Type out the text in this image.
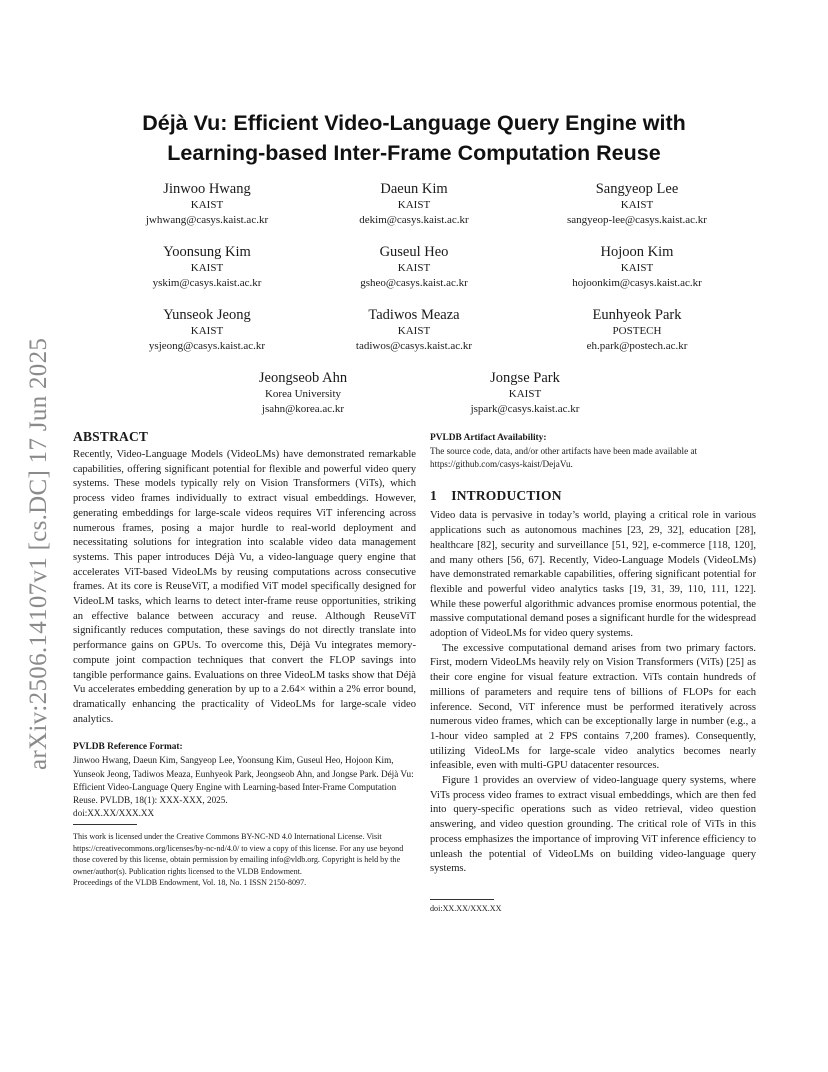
arXiv:2506.14107v1 [cs.DC] 17 Jun 2025
Déjà Vu: Efficient Video-Language Query Engine with
Learning-based Inter-Frame Computation Reuse
Jinwoo Hwang
KAIST
jwhwang@casys.kaist.ac.kr
Daeun Kim
KAIST
dekim@casys.kaist.ac.kr
Sangyeop Lee
KAIST
sangyeop-lee@casys.kaist.ac.kr
Yoonsung Kim
KAIST
yskim@casys.kaist.ac.kr
Guseul Heo
KAIST
gsheo@casys.kaist.ac.kr
Hojoon Kim
KAIST
hojoonkim@casys.kaist.ac.kr
Yunseok Jeong
KAIST
ysjeong@casys.kaist.ac.kr
Tadiwos Meaza
KAIST
tadiwos@casys.kaist.ac.kr
Eunhyeok Park
POSTECH
eh.park@postech.ac.kr
Jeongseob Ahn
Korea University
jsahn@korea.ac.kr
Jongse Park
KAIST
jspark@casys.kaist.ac.kr
ABSTRACT

Recently, Video-Language Models (VideoLMs) have demonstrated remarkable capabilities, offering significant potential for flexible and powerful video query systems. These models typically rely on Vision Transformers (ViTs), which process video frames individually to extract visual embeddings. However, generating embeddings for large-scale videos requires ViT inferencing across numerous frames, posing a major hurdle to real-world deployment and necessitating solutions for integration into scalable video data management systems. This paper introduces Déjà Vu, a video-language query engine that accelerates ViT-based VideoLMs by reusing computations across consecutive frames. At its core is ReuseViT, a modified ViT model specifically designed for VideoLM tasks, which learns to detect inter-frame reuse opportunities, striking an effective balance between accuracy and reuse. Although ReuseViT significantly reduces computation, these savings do not directly translate into performance gains on GPUs. To overcome this, Déjà Vu integrates memory-compute joint compaction techniques that convert the FLOP savings into tangible performance gains. Evaluations on three VideoLM tasks show that Déjà Vu accelerates embedding generation by up to a 2.64× within a 2% error bound, dramatically enhancing the practicality of VideoLMs for large-scale video analytics.

PVLDB Reference Format:

Jinwoo Hwang, Daeun Kim, Sangyeop Lee, Yoonsung Kim, Guseul Heo, Hojoon Kim, Yunseok Jeong, Tadiwos Meaza, Eunhyeok Park, Jeongseob Ahn, and Jongse Park. Déjà Vu: Efficient Video-Language Query Engine with Learning-based Inter-Frame Computation Reuse. PVLDB, 18(1): XXX-XXX, 2025.

doi:XX.XX/XXX.XX

This work is licensed under the Creative Commons BY-NC-ND 4.0 International License. Visit https://creativecommons.org/licenses/by-nc-nd/4.0/ to view a copy of this license. For any use beyond those covered by this license, obtain permission by emailing info@vldb.org. Copyright is held by the owner/author(s). Publication rights licensed to the VLDB Endowment.

Proceedings of the VLDB Endowment, Vol. 18, No. 1 ISSN 2150-8097.

PVLDB Artifact Availability:

The source code, data, and/or other artifacts have been made available at https://github.com/casys-kaist/DejaVu.

1    INTRODUCTION

Video data is pervasive in today’s world, playing a critical role in various applications such as autonomous machines [23, 29, 32], education [28], healthcare [82], security and surveillance [51, 92], e-commerce [118, 120], and many others [56, 67]. Recently, Video-Language Models (VideoLMs) have demonstrated remarkable capabilities, offering significant potential for flexible and powerful video analytics tasks [19, 31, 39, 110, 111, 122]. While these powerful algorithmic advances promise enormous potential, the massive computational demand poses a significant hurdle for the widespread adoption of VideoLMs for video query systems.

The excessive computational demand arises from two primary factors. First, modern VideoLMs heavily rely on Vision Transformers (ViTs) [25] as their core engine for visual feature extraction. ViTs contain hundreds of millions of parameters and require tens of billions of FLOPs for each inference. Second, ViT inference must be performed iteratively across numerous video frames, which can be exceptionally large in number (e.g., a 1-hour video sampled at 2 FPS contains 7,200 frames). Consequently, utilizing VideoLMs for large-scale video analytics becomes nearly infeasible, even with multi-GPU datacenter resources.

Figure 1 provides an overview of video-language query systems, where ViTs process video frames to extract visual embeddings, which are then fed into query-specific operations such as video retrieval, video question answering, and video question grounding. The critical role of ViTs in this process emphasizes the importance of improving ViT inference efficiency to unleash the potential of VideoLMs on building video-language query systems.

doi:XX.XX/XXX.XX
